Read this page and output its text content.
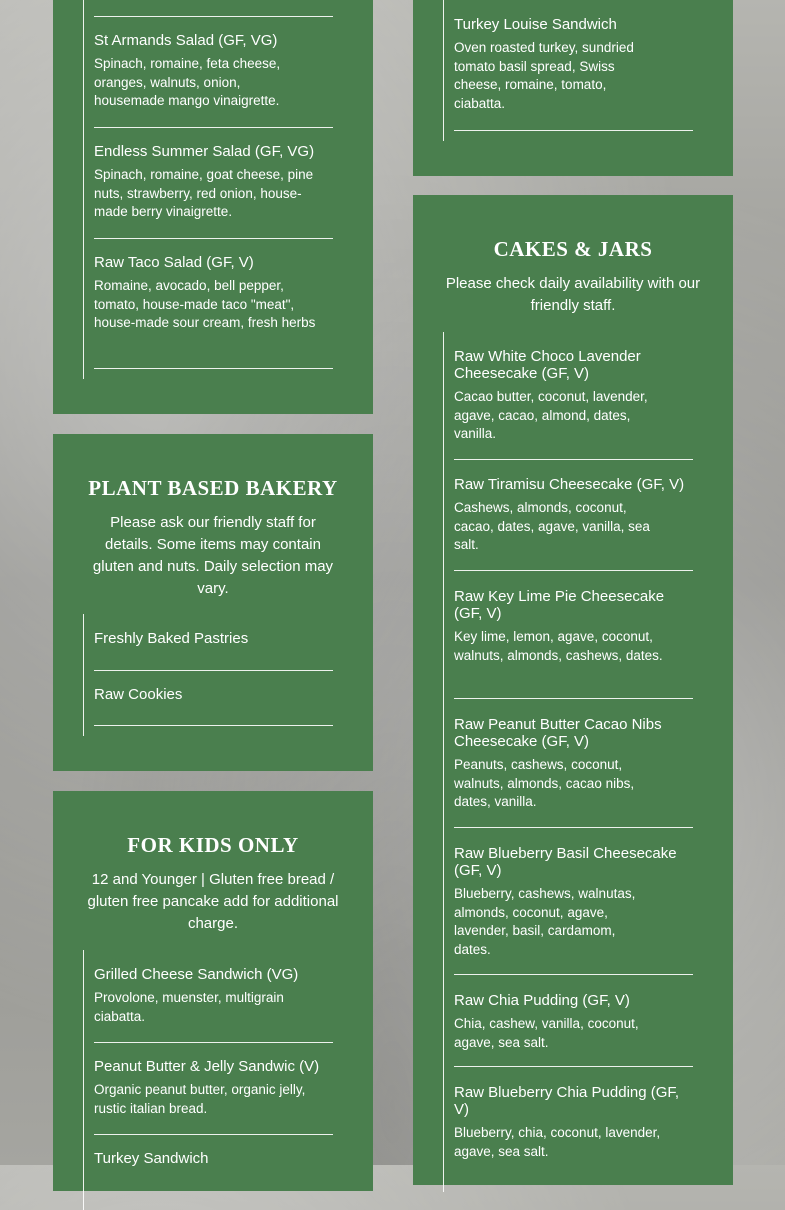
St Armands Salad (GF, VG)

Spinach, romaine, feta cheese, oranges, walnuts, onion, housemade mango vinaigrette.

Endless Summer Salad (GF, VG)

Spinach, romaine, goat cheese, pine nuts, strawberry, red onion, house-made berry vinaigrette.

Raw Taco Salad (GF, V)

Romaine, avocado, bell pepper, tomato, house-made taco "meat", house-made sour cream, fresh herbs

Turkey Louise Sandwich

Oven roasted turkey, sundried tomato basil spread, Swiss cheese, romaine, tomato, ciabatta.

PLANT BASED BAKERY

Please ask our friendly staff for details. Some items may contain gluten and nuts. Daily selection may vary.

Freshly Baked Pastries

Raw Cookies

FOR KIDS ONLY

12 and Younger | Gluten free bread / gluten free pancake add for additional charge.

Grilled Cheese Sandwich (VG)

Provolone, muenster, multigrain ciabatta.

Peanut Butter & Jelly Sandwic (V)

Organic peanut butter, organic jelly, rustic italian bread.

Turkey Sandwich

CAKES & JARS

Please check daily availability with our friendly staff.

Raw White Choco Lavender Cheesecake (GF, V)

Cacao butter, coconut, lavender, agave, cacao, almond, dates, vanilla.

Raw Tiramisu Cheesecake (GF, V)

Cashews, almonds, coconut, cacao, dates, agave, vanilla, sea salt.

Raw Key Lime Pie Cheesecake (GF, V)

Key lime, lemon, agave, coconut, walnuts, almonds, cashews, dates.

Raw Peanut Butter Cacao Nibs Cheesecake (GF, V)

Peanuts, cashews, coconut, walnuts, almonds, cacao nibs, dates, vanilla.

Raw Blueberry Basil Cheesecake (GF, V)

Blueberry, cashews, walnutas, almonds, coconut, agave, lavender, basil, cardamom, dates.

Raw Chia Pudding (GF, V)

Chia, cashew, vanilla, coconut, agave, sea salt.

Raw Blueberry Chia Pudding (GF, V)

Blueberry, chia, coconut, lavender, agave, sea salt.
